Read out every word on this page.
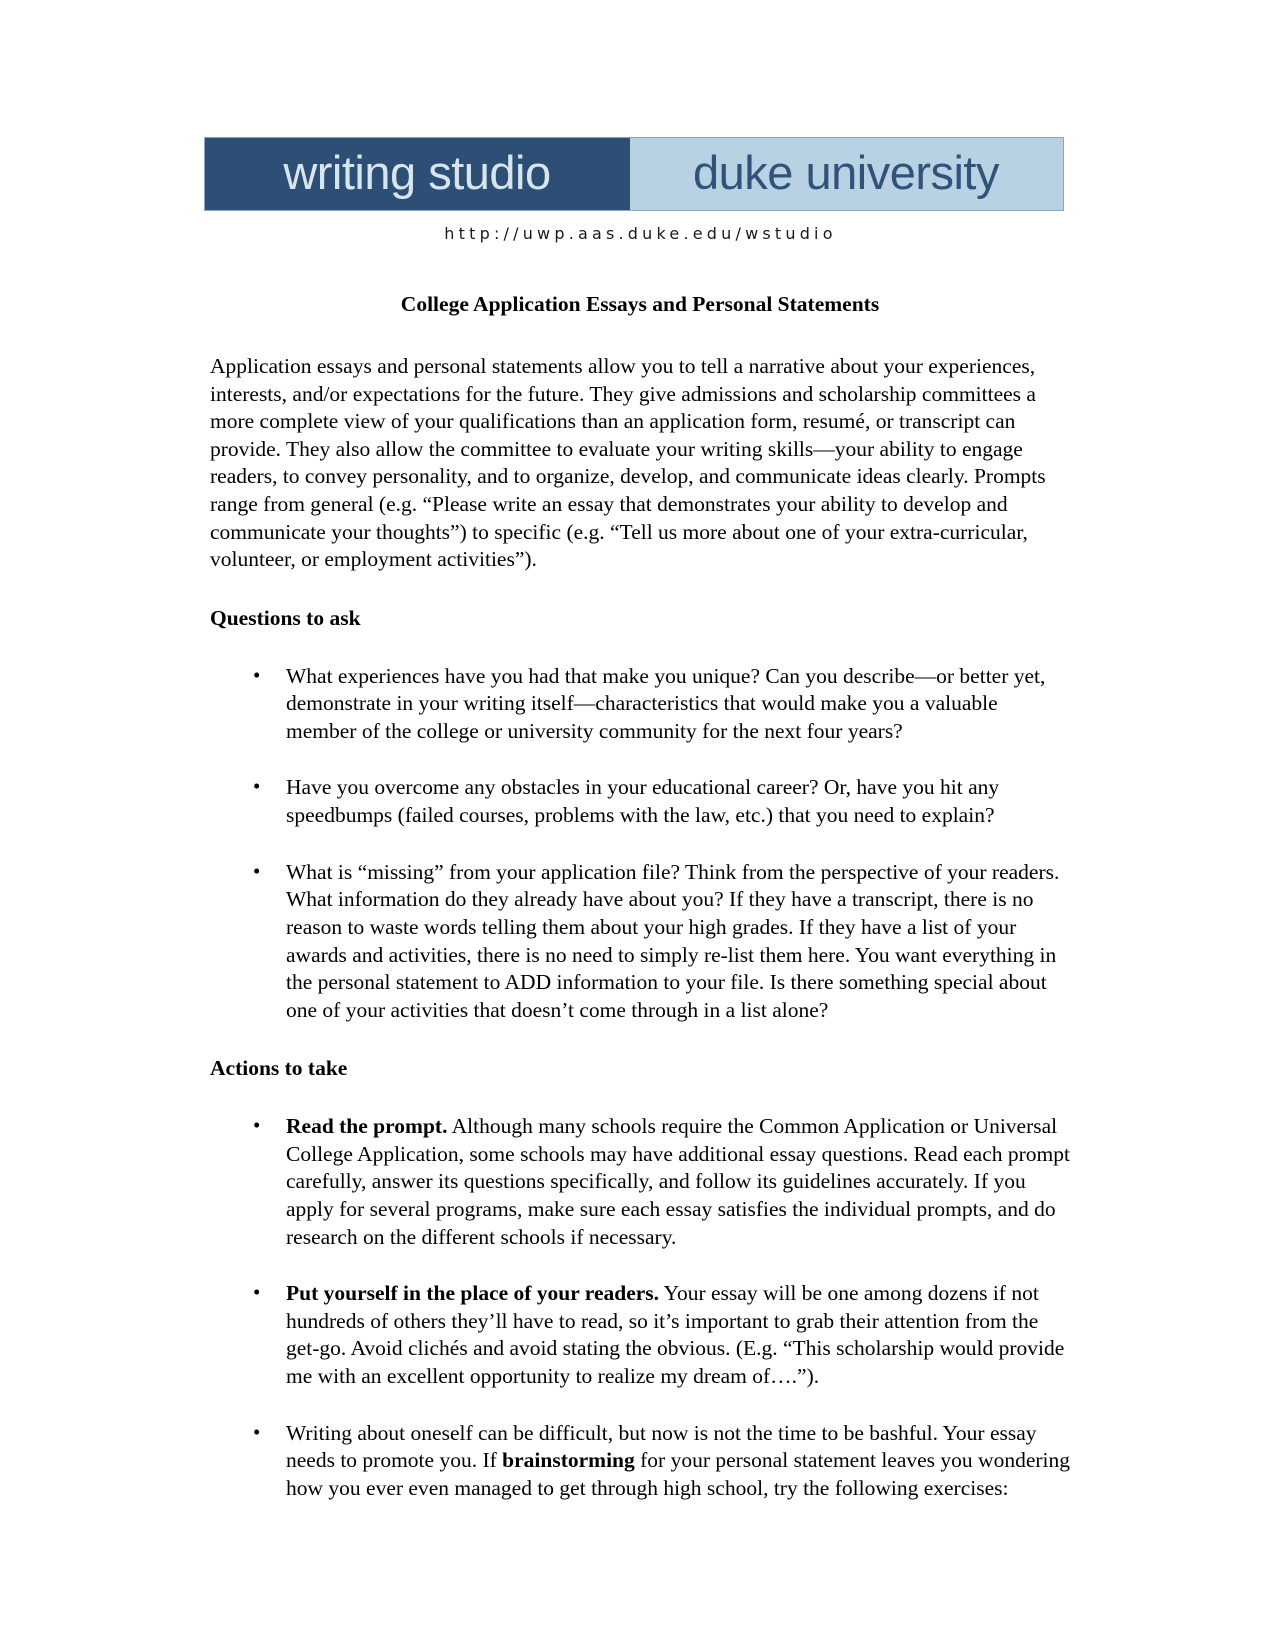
writing studio	duke university
http://uwp.aas.duke.edu/wstudio
College Application Essays and Personal Statements

Application essays and personal statements allow you to tell a narrative about your experiences, interests, and/or expectations for the future. They give admissions and scholarship committees a more complete view of your qualifications than an application form, resumé, or transcript can provide. They also allow the committee to evaluate your writing skills—your ability to engage readers, to convey personality, and to organize, develop, and communicate ideas clearly. Prompts range from general (e.g. “Please write an essay that demonstrates your ability to develop and communicate your thoughts”) to specific (e.g. “Tell us more about one of your extra-curricular, volunteer, or employment activities”).

Questions to ask
• What experiences have you had that make you unique? Can you describe—or better yet, demonstrate in your writing itself—characteristics that would make you a valuable member of the college or university community for the next four years?
• Have you overcome any obstacles in your educational career? Or, have you hit any speedbumps (failed courses, problems with the law, etc.) that you need to explain?
• What is “missing” from your application file? Think from the perspective of your readers. What information do they already have about you? If they have a transcript, there is no reason to waste words telling them about your high grades. If they have a list of your awards and activities, there is no need to simply re-list them here. You want everything in the personal statement to ADD information to your file. Is there something special about one of your activities that doesn’t come through in a list alone?
Actions to take
• Read the prompt. Although many schools require the Common Application or Universal College Application, some schools may have additional essay questions. Read each prompt carefully, answer its questions specifically, and follow its guidelines accurately. If you apply for several programs, make sure each essay satisfies the individual prompts, and do research on the different schools if necessary.
• Put yourself in the place of your readers. Your essay will be one among dozens if not hundreds of others they’ll have to read, so it’s important to grab their attention from the get-go. Avoid clichés and avoid stating the obvious. (E.g. “This scholarship would provide me with an excellent opportunity to realize my dream of….”).
• Writing about oneself can be difficult, but now is not the time to be bashful. Your essay needs to promote you. If brainstorming for your personal statement leaves you wondering how you ever even managed to get through high school, try the following exercises:
